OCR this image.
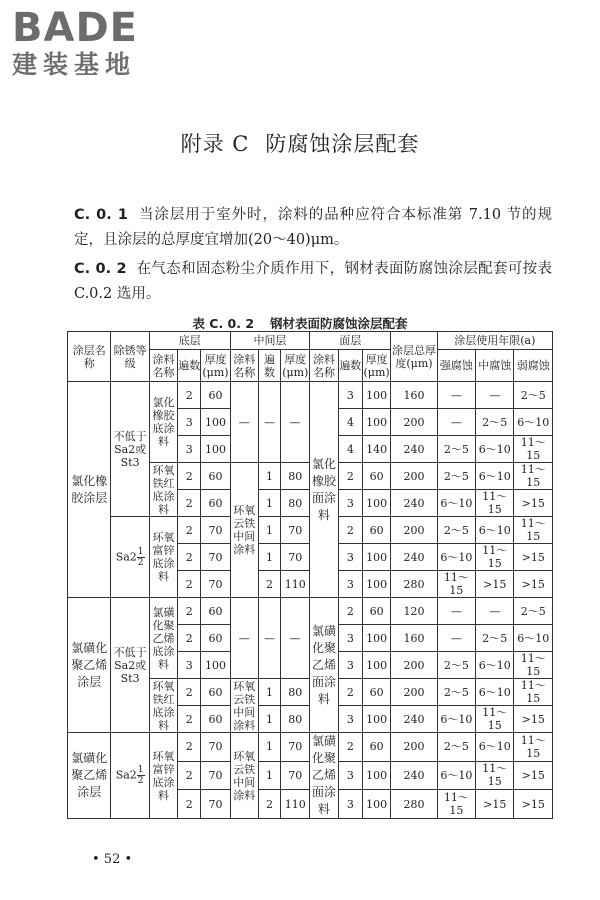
BADE
建装基地
附录 C 防腐蚀涂层配套
C. 0. 1 当涂层用于室外时，涂料的品种应符合本标准第 7.10 节的规定，且涂层的总厚度宜增加(20～40)μm。
C. 0. 2 在气态和固态粉尘介质作用下，钢材表面防腐蚀涂层配套可按表 C.0.2 选用。
表 C. 0. 2 钢材表面防腐蚀涂层配套
涂层名称	除锈等级	底层			中间层			面层			涂层总厚度(μm)	涂层使用年限(a)		
		涂料名称	遍数	厚度(μm)	涂料名称	遍数	厚度(μm)	涂料名称	遍数	厚度(μm)		强腐蚀	中腐蚀	弱腐蚀
氯化橡胶涂层	不低于Sa2或 St3	氯化橡胶底涂料	2	60	—	—	—	氯化橡胶面涂料	3	100	160	—	—	2～5
			3	100					4	100	200	—	2～5	6～10
			3	100					4	140	240	2～5	6～10	11～15
		环氧铁红底涂料	2	60	环氧云铁中间涂料	1	80		2	60	200	2～5	6～10	11～15
			2	60		1	80		3	100	240	6～10	11～15	>15
	$Sa2 \frac{1}{2}$	环氧富锌底涂料	2	70		1	70		2	60	200	2～5	6～10	11～15
			2	70		1	70		3	100	240	6～10	11～15	>15
			2	70		2	110		3	100	280	11～15	>15	>15
氯磺化聚乙烯涂层	不低于 Sa2或 St3	氯磺化聚乙烯底涂料	2	60	—	—	—	氯磺化聚乙烯面涂料	2	60	120	—	—	2～5
			2	60					3	100	160	—	2～5	6～10
			3	100					3	100	200	2～5	6～10	11～15
		环氧铁红底涂料	2	60	环氧云铁中间涂料	1	80		2	60	200	2～5	6～10	11～15
			2	60		1	80		3	100	240	6～10	11～15	>15
氯磺化聚乙烯涂层	$Sa2 \frac{1}{2}$	环氧富锌底涂料	2	70	环氧云铁中间涂料	1	70	氯磺化聚乙烯面涂料	2	60	200	2～5	6～10	11～15
			2	70		1	70		3	100	240	6～10	11～15	>15
			2	70		2	110		3	100	280	11～15	>15	>15
• 52 •
